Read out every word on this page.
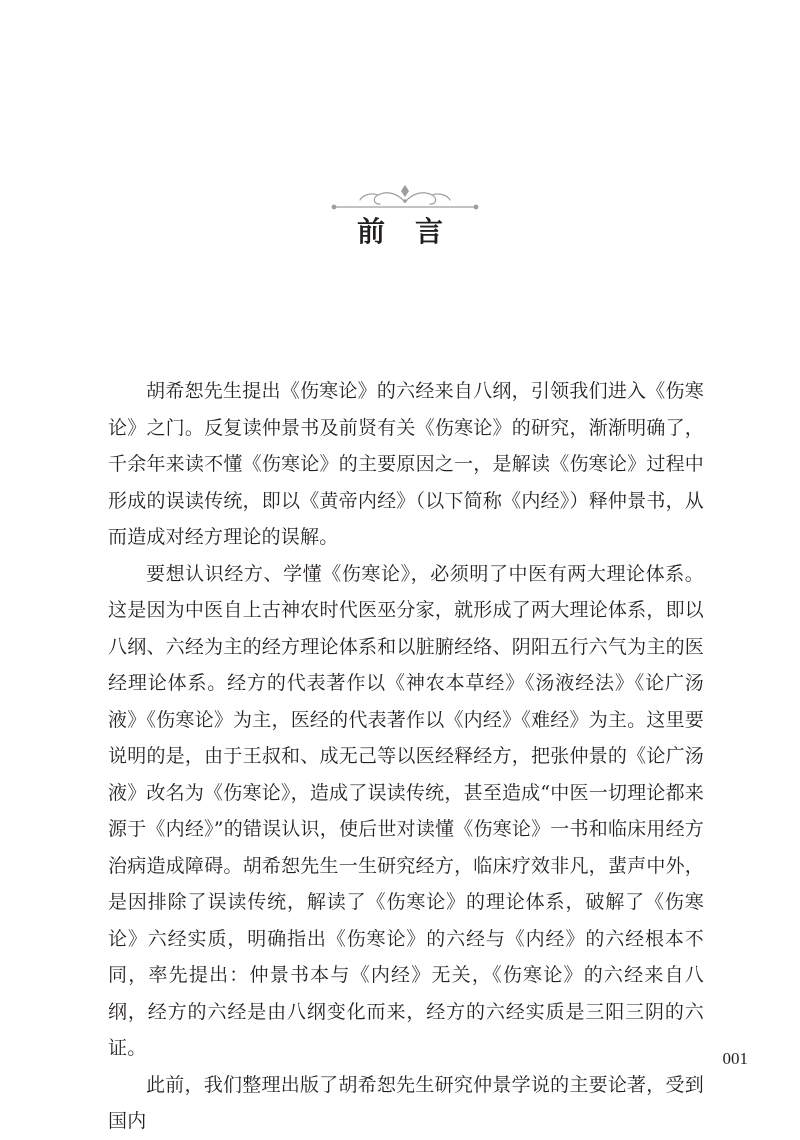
前言

胡希恕先生提出《伤寒论》的六经来自八纲，引领我们进入《伤寒论》之门。反复读仲景书及前贤有关《伤寒论》的研究，渐渐明确了，千余年来读不懂《伤寒论》的主要原因之一，是解读《伤寒论》过程中形成的误读传统，即以《黄帝内经》（以下简称《内经》）释仲景书，从而造成对经方理论的误解。

要想认识经方、学懂《伤寒论》，必须明了中医有两大理论体系。这是因为中医自上古神农时代医巫分家，就形成了两大理论体系，即以八纲、六经为主的经方理论体系和以脏腑经络、阴阳五行六气为主的医经理论体系。经方的代表著作以《神农本草经》《汤液经法》《论广汤液》《伤寒论》为主，医经的代表著作以《内经》《难经》为主。这里要说明的是，由于王叔和、成无己等以医经释经方，把张仲景的《论广汤液》改名为《伤寒论》，造成了误读传统，甚至造成“中医一切理论都来源于《内经》”的错误认识，使后世对读懂《伤寒论》一书和临床用经方治病造成障碍。胡希恕先生一生研究经方，临床疗效非凡，蜚声中外，是因排除了误读传统，解读了《伤寒论》的理论体系，破解了《伤寒论》六经实质，明确指出《伤寒论》的六经与《内经》的六经根本不同，率先提出：仲景书本与《内经》无关，《伤寒论》的六经来自八纲，经方的六经是由八纲变化而来，经方的六经实质是三阳三阴的六证。

此前，我们整理出版了胡希恕先生研究仲景学说的主要论著，受到国内

001
